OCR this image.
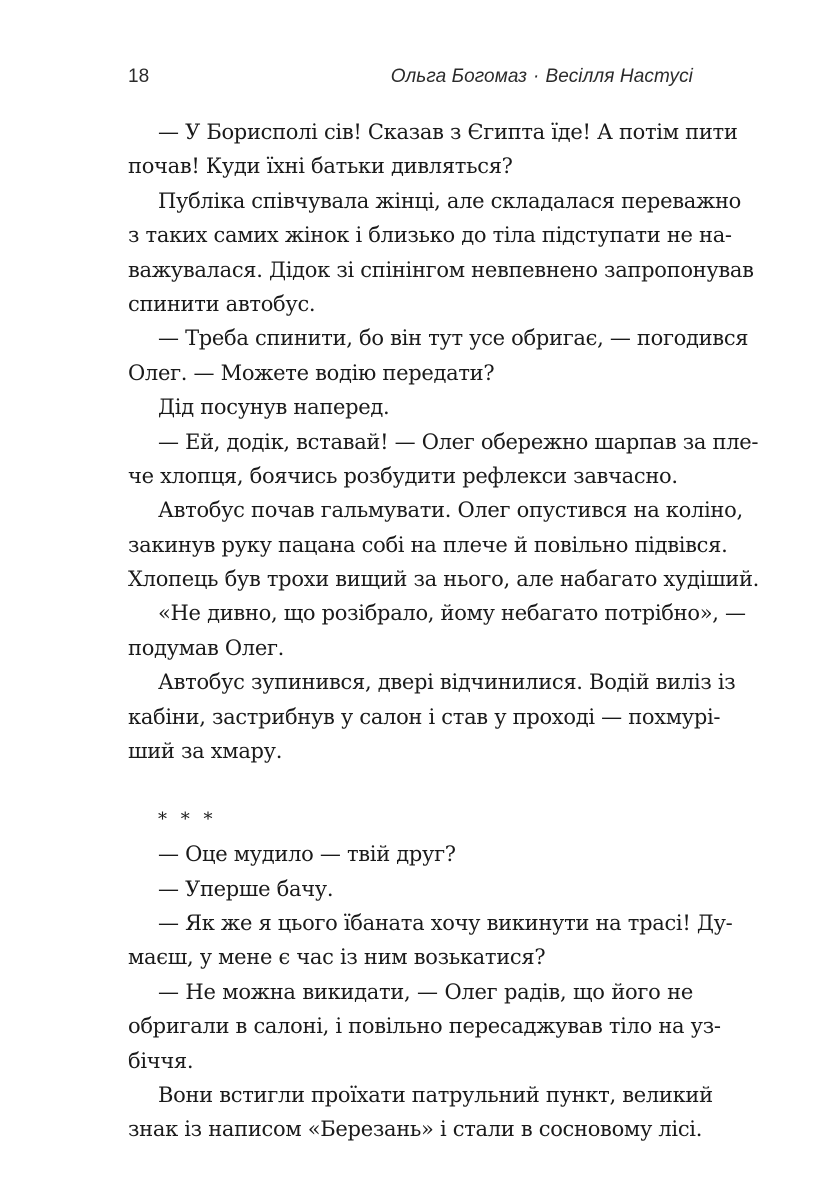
18	Ольга Богомаз · Весілля Настусі
— У Борисполі сів! Сказав з Єгипта їде! А потім пити
почав! Куди їхні батьки дивляться?
Публіка співчувала жінці, але складалася переважно
з таких самих жінок і близько до тіла підступати не на-
важувалася. Дідок зі спінінгом невпевнено запропонував
спинити автобус.
— Треба спинити, бо він тут усе обригає, — погодився
Олег. — Можете водію передати?
Дід посунув наперед.
— Ей, додік, вставай! — Олег обережно шарпав за пле-
че хлопця, боячись розбудити рефлекси завчасно.
Автобус почав гальмувати. Олег опустився на коліно,
закинув руку пацана собі на плече й повільно підвівся.
Хлопець був трохи вищий за нього, але набагато худіший.
«Не дивно, що розібрало, йому небагато потрібно», —
подумав Олег.
Автобус зупинився, двері відчинилися. Водій виліз із
кабіни, застрибнув у салон і став у проході — похмурі-
ший за хмару.
* * *
— Оце мудило — твій друг?
— Уперше бачу.
— Як же я цього їбаната хочу викинути на трасі! Ду-
маєш, у мене є час із ним возькатися?
— Не можна викидати, — Олег радів, що його не
обригали в салоні, і повільно пересаджував тіло на уз-
біччя.
Вони встигли проїхати патрульний пункт, великий
знак із написом «Березань» і стали в сосновому лісі.
